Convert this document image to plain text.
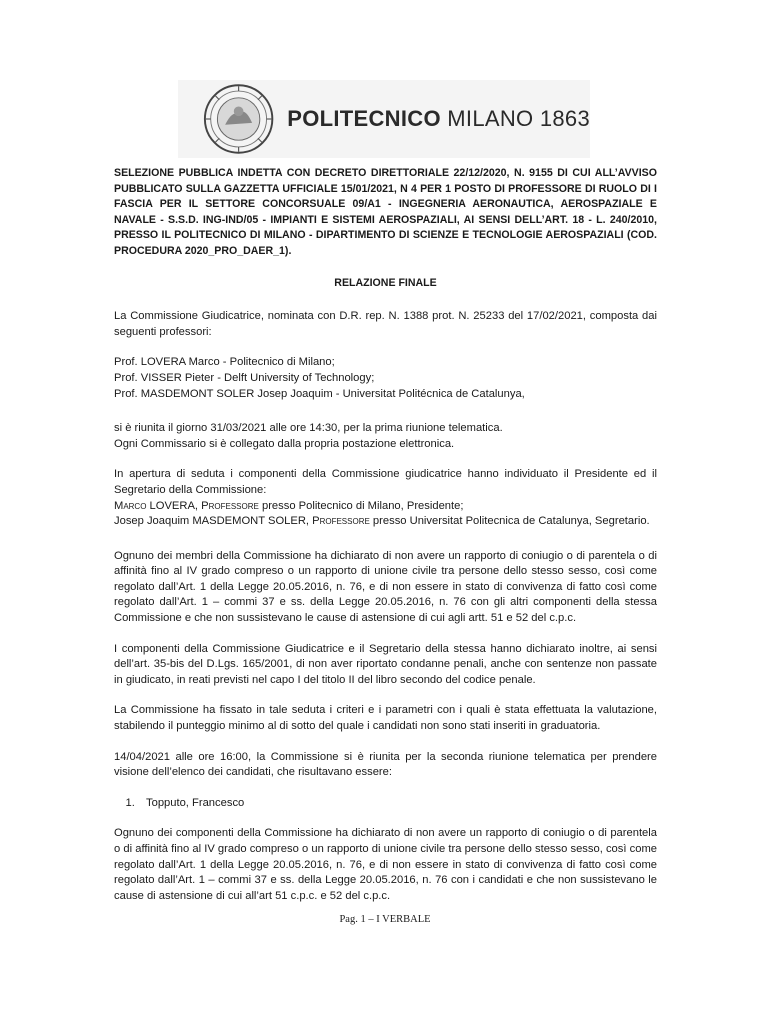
POLITECNICO MILANO 1863

SELEZIONE PUBBLICA INDETTA CON DECRETO DIRETTORIALE 22/12/2020, N. 9155 DI CUI ALL’AVVISO PUBBLICATO SULLA GAZZETTA UFFICIALE 15/01/2021, N 4 PER 1 POSTO DI PROFESSORE DI RUOLO DI I FASCIA PER IL SETTORE CONCORSUALE 09/A1 - INGEGNERIA AERONAUTICA, AEROSPAZIALE E NAVALE - S.S.D. ING-IND/05 - IMPIANTI E SISTEMI AEROSPAZIALI, AI SENSI DELL’ART. 18 - L. 240/2010, PRESSO IL POLITECNICO DI MILANO - DIPARTIMENTO DI SCIENZE E TECNOLOGIE AEROSPAZIALI (COD. PROCEDURA 2020_PRO_DAER_1).

RELAZIONE FINALE

La Commissione Giudicatrice, nominata con D.R. rep. N. 1388 prot. N. 25233 del 17/02/2021, composta dai seguenti professori:

Prof. LOVERA Marco - Politecnico di Milano;
Prof. VISSER Pieter - Delft University of Technology;
Prof. MASDEMONT SOLER Josep Joaquim - Universitat Politécnica de Catalunya,
si è riunita il giorno 31/03/2021 alle ore 14:30, per la prima riunione telematica.
Ogni Commissario si è collegato dalla propria postazione elettronica.

In apertura di seduta i componenti della Commissione giudicatrice hanno individuato il Presidente ed il Segretario della Commissione:

Marco LOVERA, Professore presso Politecnico di Milano, Presidente;
Josep Joaquim MASDEMONT SOLER, Professore presso Universitat Politecnica de Catalunya, Segretario.

Ognuno dei membri della Commissione ha dichiarato di non avere un rapporto di coniugio o di parentela o di affinità fino al IV grado compreso o un rapporto di unione civile tra persone dello stesso sesso, così come regolato dall’Art. 1 della Legge 20.05.2016, n. 76, e di non essere in stato di convivenza di fatto così come regolato dall’Art. 1 – commi 37 e ss. della Legge 20.05.2016, n. 76 con gli altri componenti della stessa Commissione e che non sussistevano le cause di astensione di cui agli artt. 51 e 52 del c.p.c.

I componenti della Commissione Giudicatrice e il Segretario della stessa hanno dichiarato inoltre, ai sensi dell’art. 35-bis del D.Lgs. 165/2001, di non aver riportato condanne penali, anche con sentenze non passate in giudicato, in reati previsti nel capo I del titolo II del libro secondo del codice penale.

La Commissione ha fissato in tale seduta i criteri e i parametri con i quali è stata effettuata la valutazione, stabilendo il punteggio minimo al di sotto del quale i candidati non sono stati inseriti in graduatoria.

14/04/2021 alle ore 16:00, la Commissione si è riunita per la seconda riunione telematica per prendere visione dell’elenco dei candidati, che risultavano essere:

1. Topputo, Francesco

Ognuno dei componenti della Commissione ha dichiarato di non avere un rapporto di coniugio o di parentela o di affinità fino al IV grado compreso o un rapporto di unione civile tra persone dello stesso sesso, così come regolato dall’Art. 1 della Legge 20.05.2016, n. 76, e di non essere in stato di convivenza di fatto così come regolato dall’Art. 1 – commi 37 e ss. della Legge 20.05.2016, n. 76 con i candidati e che non sussistevano le cause di astensione di cui all’art 51 c.p.c. e 52 del c.p.c.

Pag. 1 – I VERBALE
